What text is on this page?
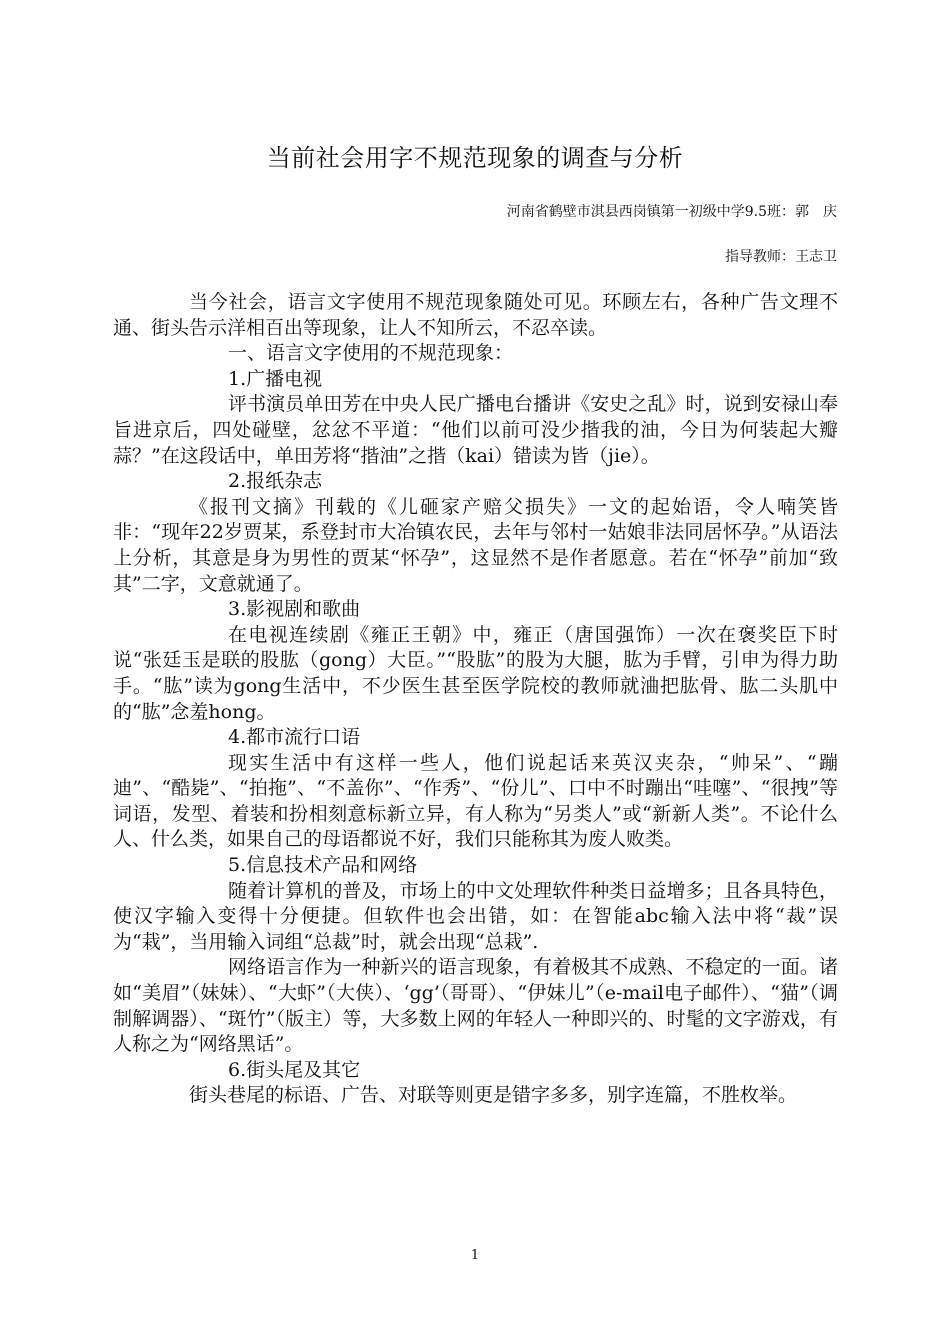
当前社会用字不规范现象的调查与分析
河南省鹤壁市淇县西岗镇第一初级中学9.5班：郭　庆
指导教师：王志卫

当今社会，语言文字使用不规范现象随处可见。环顾左右，各种广告文理不通、街头告示洋相百出等现象，让人不知所云，不忍卒读。

一、语言文字使用的不规范现象：

1.广播电视

评书演员单田芳在中央人民广播电台播讲《安史之乱》时，说到安禄山奉旨进京后，四处碰壁，忿忿不平道：“他们以前可没少揩我的油，今日为何装起大瓣蒜？”在这段话中，单田芳将“揩油”之揩（kai）错读为皆（jie）。

2.报纸杂志

《报刊文摘》刊载的《儿砸家产赔父损失》一文的起始语，令人喃笑皆非：“现年22岁贾某，系登封市大冶镇农民，去年与邻村一姑娘非法同居怀孕。”从语法上分析，其意是身为男性的贾某“怀孕”，这显然不是作者愿意。若在“怀孕”前加“致其”二字，文意就通了。

3.影视剧和歌曲

在电视连续剧《雍正王朝》中，雍正（唐国强饰）一次在褒奖臣下时说“张廷玉是联的股肱（gong）大臣。”“股肱”的股为大腿，肱为手臂，引申为得力助手。“肱”读为gong生活中，不少医生甚至医学院校的教师就浀把肱骨、肱二头肌中的“肱”念羞hong。

4.都市流行口语

现实生活中有这样一些人，他们说起话来英汉夹杂，“帅呆”、“蹦迪”、“酷毙”、“拍拖”、“不盖你”、“作秀”、“份儿”、口中不时蹦出“哇噻”、“很拽”等词语，发型、着装和扮相刻意标新立异，有人称为“另类人”或“新新人类”。不论什么人、什么类，如果自己的母语都说不好，我们只能称其为废人败类。

5.信息技术产品和网络

随着计算机的普及，市场上的中文处理软件种类日益增多；且各具特色，使汉字输入变得十分便捷。但软件也会出错，如：在智能abc输入法中将“裁”误为“栽”，当用输入词组“总裁”时，就会出现“总栽”.

网络语言作为一种新兴的语言现象，有着极其不成熟、不稳定的一面。诸如“美眉”（妹妹）、“大虾”（大侠）、‘gg’（哥哥）、“伊妹儿”（e-mail电子邮件）、“猫”（调制解调器）、“斑竹”（版主）等，大多数上网的年轻人一种即兴的、时髦的文字游戏，有人称之为“网络黑话”。

6.街头尾及其它

街头巷尾的标语、广告、对联等则更是错字多多，别字连篇，不胜枚举。

1
